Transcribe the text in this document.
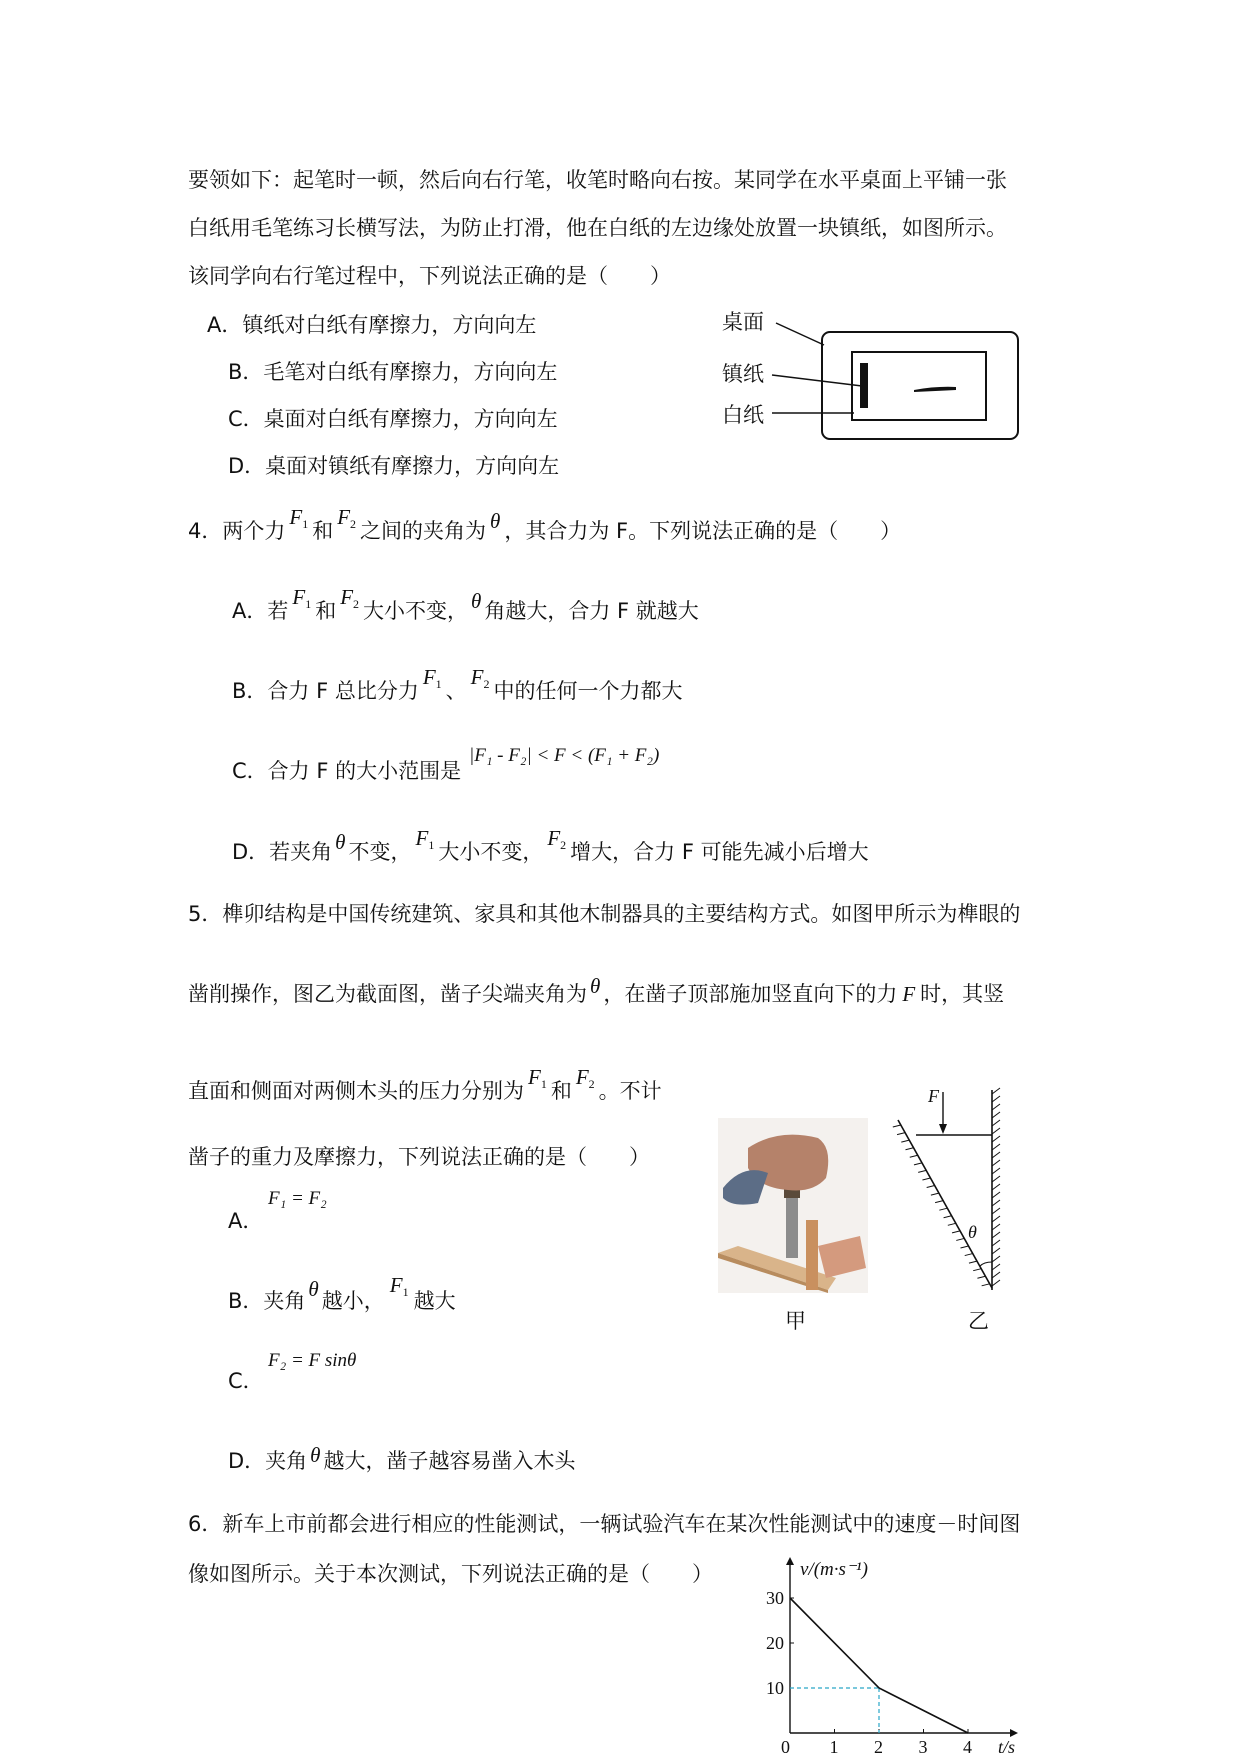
要领如下：起笔时一顿，然后向右行笔，收笔时略向右按。某同学在水平桌面上平铺一张
白纸用毛笔练习长横写法，为防止打滑，他在白纸的左边缘处放置一块镇纸，如图所示。
该同学向右行笔过程中，下列说法正确的是（　　）
A．镇纸对白纸有摩擦力，方向向左
B．毛笔对白纸有摩擦力，方向向左
C．桌面对白纸有摩擦力，方向向左
D．桌面对镇纸有摩擦力，方向向左
桌面
镇纸
白纸
4．两个力$F_1$ 和$F_2$ 之间的夹角为 θ ，其合力为 F。下列说法正确的是（　　）
A．若$F_1$ 和$F_2$ 大小不变， θ 角越大，合力 F 就越大
B．合力 F 总比分力$F_1$ 、$F_2$ 中的任何一个力都大
C．合力 F 的大小范围是
|F₁ - F₂| < F < (F₁ + F₂)
D．若夹角 θ 不变，$F_1$ 大小不变，$F_2$ 增大，合力 F 可能先减小后增大
5．榫卯结构是中国传统建筑、家具和其他木制器具的主要结构方式。如图甲所示为榫眼的
凿削操作，图乙为截面图，凿子尖端夹角为 θ ，在凿子顶部施加竖直向下的力 F 时，其竖
直面和侧面对两侧木头的压力分别为$F_1$ 和$F_2$ 。不计
凿子的重力及摩擦力，下列说法正确的是（　　）
A．
F₁ = F₂
B．夹角 θ 越小，$F_1$ 越大
C．
F₂ = F sinθ
D．夹角 θ 越大，凿子越容易凿入木头
甲
F
θ
乙
6．新车上市前都会进行相应的性能测试，一辆试验汽车在某次性能测试中的速度－时间图
像如图所示。关于本次测试，下列说法正确的是（　　）
0 1 2 3 4
10
20
30
v/(m·s⁻¹)
t/s
